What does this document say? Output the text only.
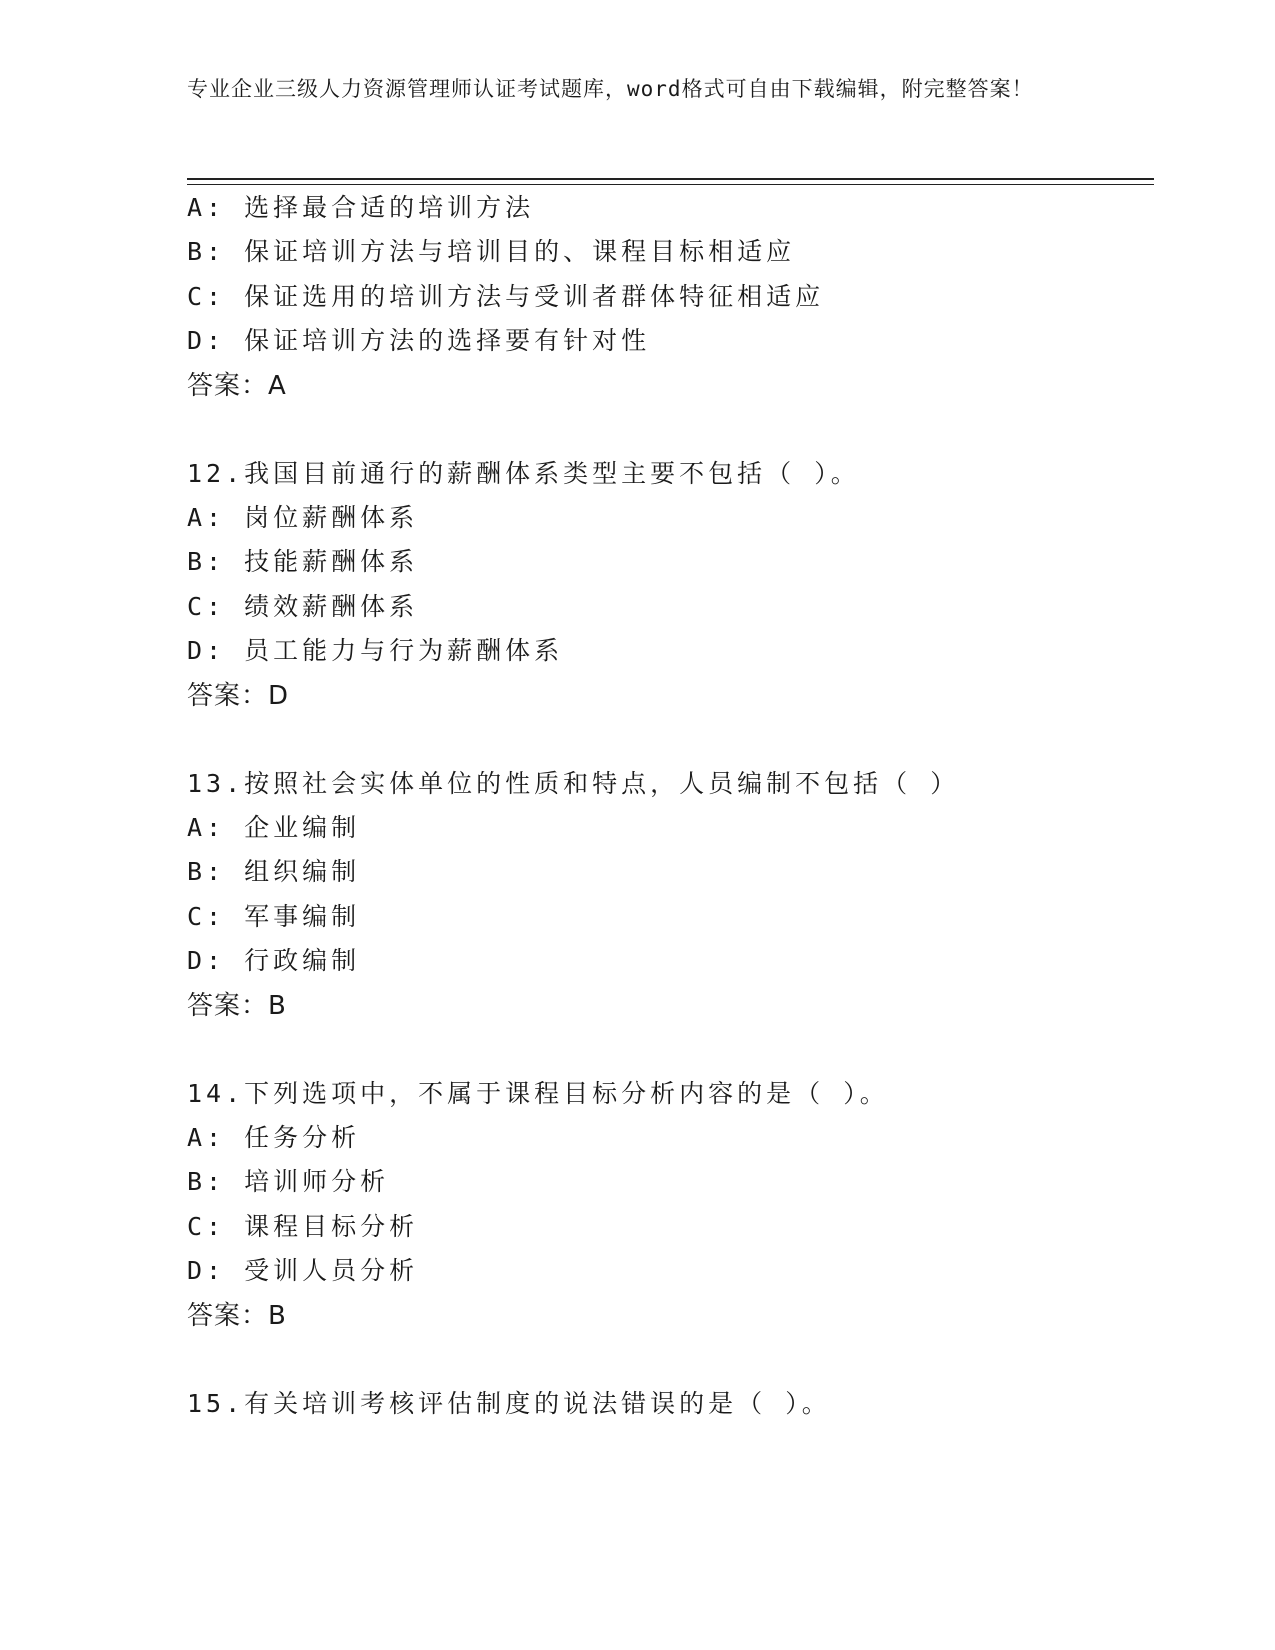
专业企业三级人力资源管理师认证考试题库，word格式可自由下载编辑，附完整答案！
A: 选择最合适的培训方法
B: 保证培训方法与培训目的、课程目标相适应
C: 保证选用的培训方法与受训者群体特征相适应
D: 保证培训方法的选择要有针对性
答案：A
12.我国目前通行的薪酬体系类型主要不包括（ ）。
A: 岗位薪酬体系
B: 技能薪酬体系
C: 绩效薪酬体系
D: 员工能力与行为薪酬体系
答案：D
13.按照社会实体单位的性质和特点，人员编制不包括（ ）
A: 企业编制
B: 组织编制
C: 军事编制
D: 行政编制
答案：B
14.下列选项中，不属于课程目标分析内容的是（ ）。
A: 任务分析
B: 培训师分析
C: 课程目标分析
D: 受训人员分析
答案：B
15.有关培训考核评估制度的说法错误的是（ ）。
